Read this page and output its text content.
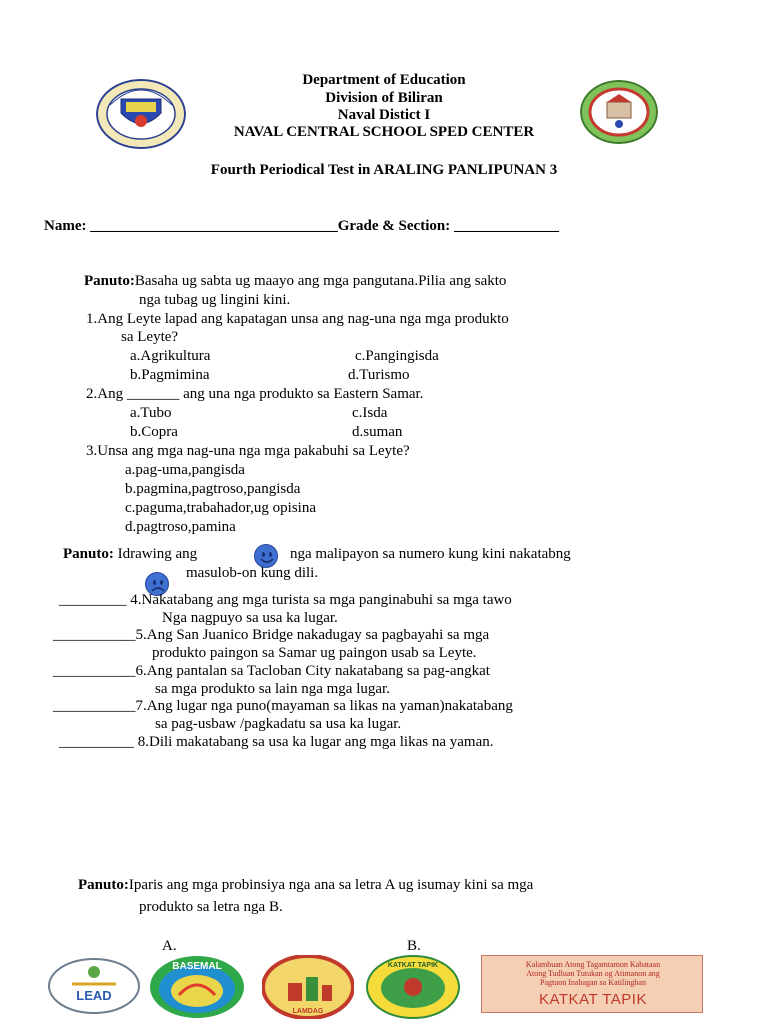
Department of Education
Division of Biliran
Naval Distict I
NAVAL CENTRAL SCHOOL SPED CENTER
Fourth Periodical Test in ARALING PANLIPUNAN 3
Name: _________________________________Grade & Section: ______________
Panuto:Basaha ug sabta ug maayo ang mga pangutana.Pilia ang sakto
nga tubag ug lingini kini.
1.Ang Leyte lapad ang kapatagan unsa ang nag-una nga mga produkto
sa Leyte?
a.Agrikultura	c.Pangingisda
b.Pagmimina	d.Turismo
2.Ang _______ ang una nga produkto sa Eastern Samar.
a.Tubo	c.Isda
b.Copra	d.suman
3.Unsa ang mga nag-una nga mga pakabuhi sa Leyte?
a.pag-uma,pangisda
b.pagmina,pagtroso,pangisda
c.paguma,trabahador,ug opisina
d.pagtroso,pamina
Panuto: Idrawing ang	nga malipayon sa numero kung kini nakatabng
masulob-on kung dili.
_________ 4.Nakatabang ang mga turista sa mga panginabuhi sa mga tawo
Nga nagpuyo sa usa ka lugar.
___________5.Ang San Juanico Bridge nakadugay sa pagbayahi sa mga
produkto paingon sa Samar ug paingon usab sa Leyte.
___________6.Ang pantalan sa Tacloban City nakatabang sa pag-angkat
sa mga produkto sa lain nga mga lugar.
___________7.Ang lugar nga puno(mayaman sa likas na yaman)nakatabang
sa pag-usbaw /pagkadatu sa usa ka lugar.
__________ 8.Dili makatabang sa usa ka lugar ang mga likas na yaman.
Panuto:Iparis ang mga probinsiya nga ana sa letra A ug isumay kini sa mga
produkto sa letra nga B.
A.	B.
LEAD
BASEMAL
LAMDAG
KATKAT TAPIK	Kalambuan Atong Tagamtamon Kabataan
Atong Tudluan Tutukan og Atimanon ang
Pagtuon Inabagan sa Katilingban
KATKAT TAPIK
